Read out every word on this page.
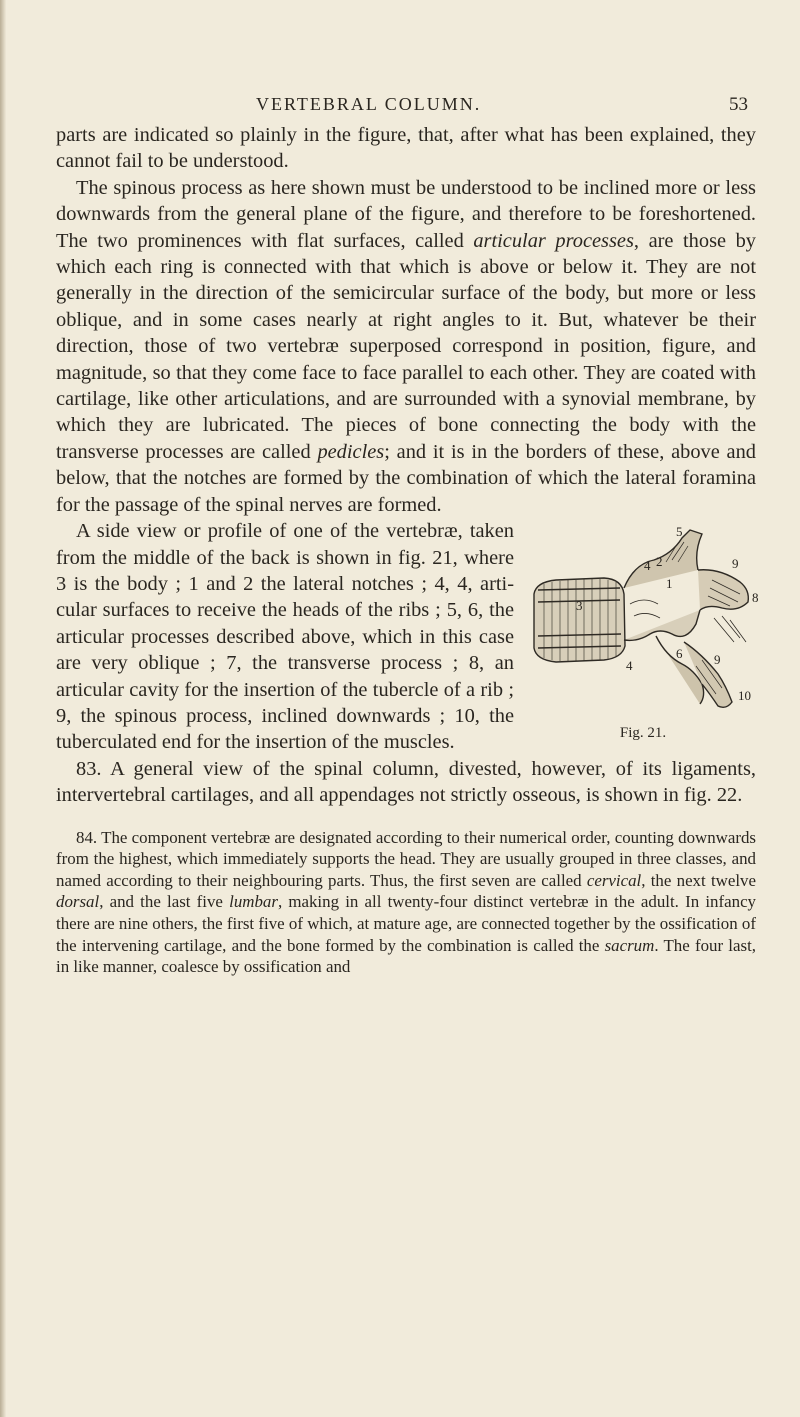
VERTEBRAL COLUMN.	53

parts are indicated so plainly in the figure, that, after what has been explained, they cannot fail to be understood.

The spinous process as here shown must be understood to be inclined more or less downwards from the general plane of the figure, and therefore to be foreshortened. The two prominences with flat surfaces, called articular processes, are those by which each ring is connected with that which is above or below it. They are not generally in the direction of the semicircular surface of the body, but more or less oblique, and in some cases nearly at right angles to it. But, whatever be their direction, those of two vertebræ superposed correspond in position, figure, and magnitude, so that they come face to face parallel to each other. They are coated with cartilage, like other articulations, and are surrounded with a synovial membrane, by which they are lubricated. The pieces of bone connecting the body with the transverse processes are called pedicles; and it is in the borders of these, above and below, that the notches are formed by the combination of which the lateral foramina for the passage of the spinal nerves are formed.

4 2
5
9
3
8
4
6 9
10
1
Fig. 21.

A side view or profile of one of the vertebræ, taken from the middle of the back is shown in fig. 21, where 3 is the body ; 1 and 2 the lateral notches ; 4, 4, articular surfaces to receive the heads of the ribs ; 5, 6, the articular processes described above, which in this case are very oblique ; 7, the transverse process ; 8, an articular cavity for the insertion of the tubercle of a rib ; 9, the spinous process, inclined downwards ; 10, the tuberculated end for the insertion of the muscles.

83. A general view of the spinal column, divested, however, of its ligaments, intervertebral cartilages, and all appendages not strictly osseous, is shown in fig. 22.

84. The component vertebræ are designated according to their numerical order, counting downwards from the highest, which immediately supports the head. They are usually grouped in three classes, and named according to their neighbouring parts. Thus, the first seven are called cervical, the next twelve dorsal, and the last five lumbar, making in all twenty-four distinct vertebræ in the adult. In infancy there are nine others, the first five of which, at mature age, are connected together by the ossification of the intervening cartilage, and the bone formed by the combination is called the sacrum. The four last, in like manner, coalesce by ossification and
